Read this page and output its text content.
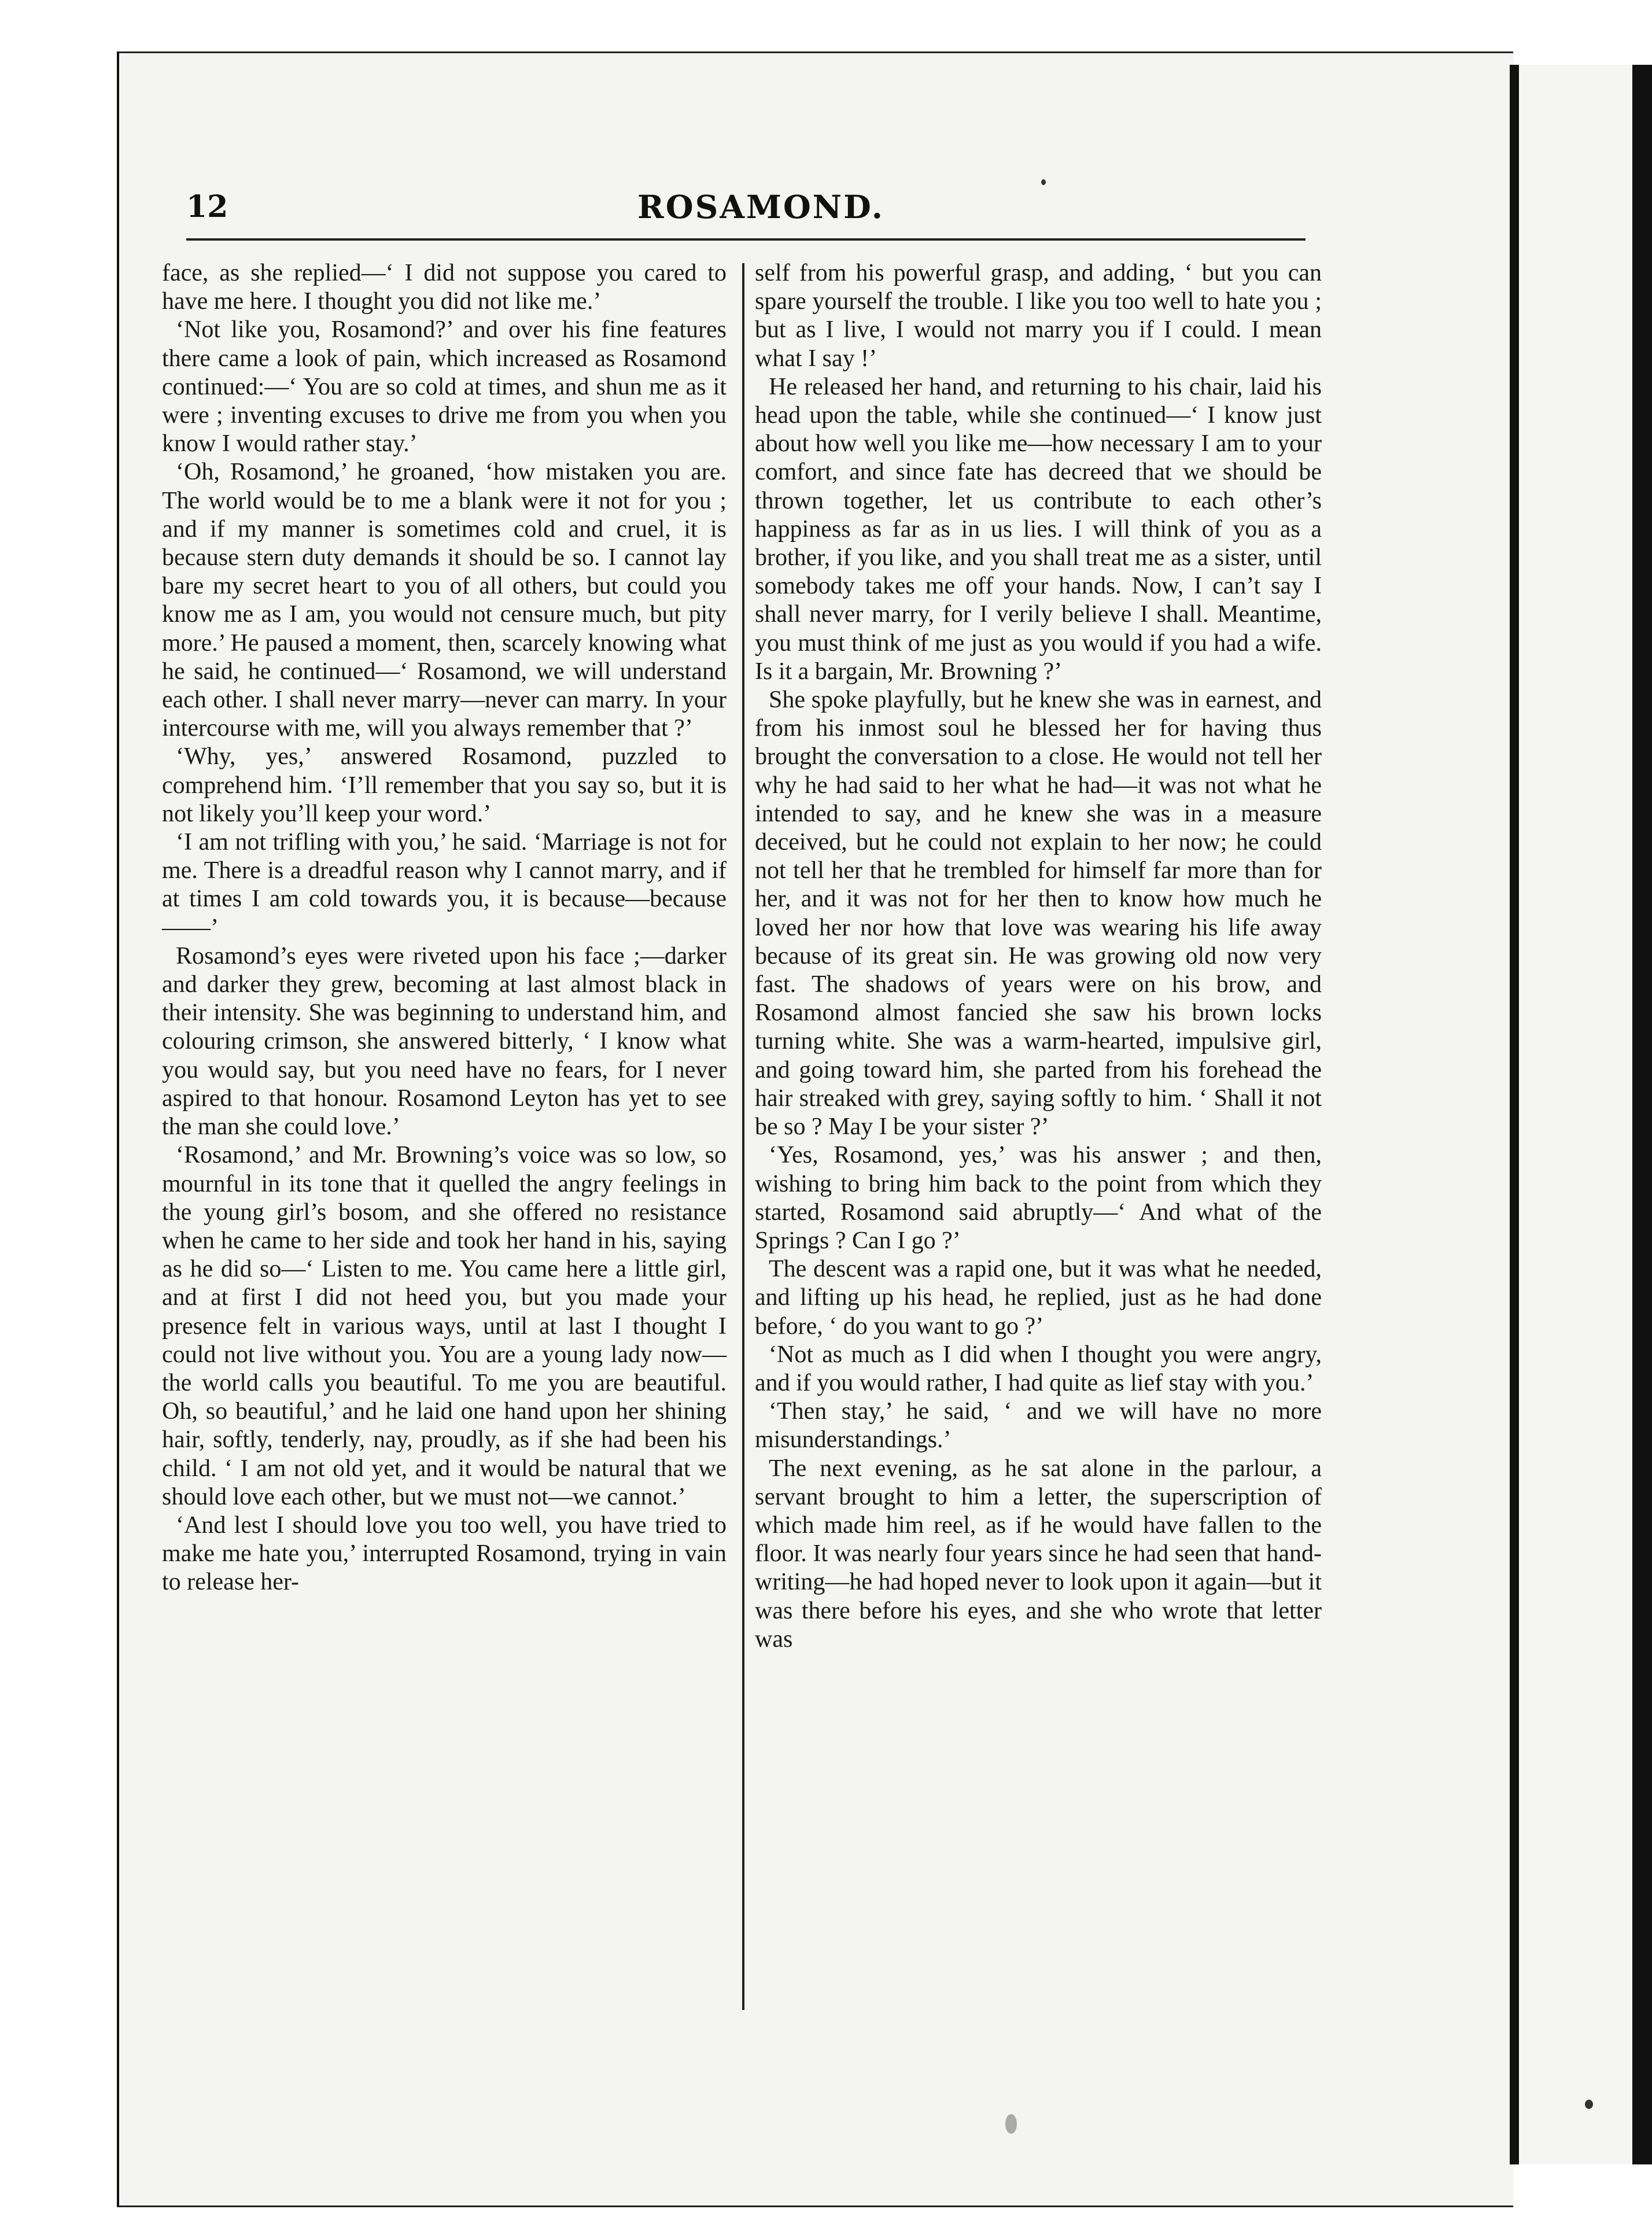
12	ROSAMOND.

face, as she replied—‘ I did not suppose you cared to have me here. I thought you did not like me.’

‘Not like you, Rosamond?’ and over his fine features there came a look of pain, which increased as Rosamond continued:—‘ You are so cold at times, and shun me as it were ; inventing excuses to drive me from you when you know I would rather stay.’

‘Oh, Rosamond,’ he groaned, ‘how mistaken you are. The world would be to me a blank were it not for you ; and if my manner is sometimes cold and cruel, it is because stern duty demands it should be so. I cannot lay bare my secret heart to you of all others, but could you know me as I am, you would not censure much, but pity more.’ He paused a moment, then, scarcely knowing what he said, he continued—‘ Rosamond, we will understand each other. I shall never marry—never can marry. In your intercourse with me, will you always remember that ?’

‘Why, yes,’ answered Rosamond, puzzled to comprehend him. ‘I’ll remember that you say so, but it is not likely you’ll keep your word.’

‘I am not trifling with you,’ he said. ‘Marriage is not for me. There is a dreadful reason why I cannot marry, and if at times I am cold towards you, it is because—because——’

Rosamond’s eyes were riveted upon his face ;—darker and darker they grew, becoming at last almost black in their intensity. She was beginning to understand him, and colouring crimson, she answered bitterly, ‘ I know what you would say, but you need have no fears, for I never aspired to that honour. Rosamond Leyton has yet to see the man she could love.’

‘Rosamond,’ and Mr. Browning’s voice was so low, so mournful in its tone that it quelled the angry feelings in the young girl’s bosom, and she offered no resistance when he came to her side and took her hand in his, saying as he did so—‘ Listen to me. You came here a little girl, and at first I did not heed you, but you made your presence felt in various ways, until at last I thought I could not live without you. You are a young lady now—the world calls you beautiful. To me you are beautiful. Oh, so beautiful,’ and he laid one hand upon her shining hair, softly, tenderly, nay, proudly, as if she had been his child. ‘ I am not old yet, and it would be natural that we should love each other, but we must not—we cannot.’

‘And lest I should love you too well, you have tried to make me hate you,’ interrupted Rosamond, trying in vain to release her-

self from his powerful grasp, and adding, ‘ but you can spare yourself the trouble. I like you too well to hate you ; but as I live, I would not marry you if I could. I mean what I say !’

He released her hand, and returning to his chair, laid his head upon the table, while she continued—‘ I know just about how well you like me—how necessary I am to your comfort, and since fate has decreed that we should be thrown together, let us contribute to each other’s happiness as far as in us lies. I will think of you as a brother, if you like, and you shall treat me as a sister, until somebody takes me off your hands. Now, I can’t say I shall never marry, for I verily believe I shall. Meantime, you must think of me just as you would if you had a wife. Is it a bargain, Mr. Browning ?’

She spoke playfully, but he knew she was in earnest, and from his inmost soul he blessed her for having thus brought the conversation to a close. He would not tell her why he had said to her what he had—it was not what he intended to say, and he knew she was in a measure deceived, but he could not explain to her now; he could not tell her that he trembled for himself far more than for her, and it was not for her then to know how much he loved her nor how that love was wearing his life away because of its great sin. He was growing old now very fast. The shadows of years were on his brow, and Rosamond almost fancied she saw his brown locks turning white. She was a warm-hearted, impulsive girl, and going toward him, she parted from his forehead the hair streaked with grey, saying softly to him. ‘ Shall it not be so ? May I be your sister ?’

‘Yes, Rosamond, yes,’ was his answer ; and then, wishing to bring him back to the point from which they started, Rosamond said abruptly—‘ And what of the Springs ? Can I go ?’

The descent was a rapid one, but it was what he needed, and lifting up his head, he replied, just as he had done before, ‘ do you want to go ?’

‘Not as much as I did when I thought you were angry, and if you would rather, I had quite as lief stay with you.’

‘Then stay,’ he said, ‘ and we will have no more misunderstandings.’

The next evening, as he sat alone in the parlour, a servant brought to him a letter, the superscription of which made him reel, as if he would have fallen to the floor. It was nearly four years since he had seen that hand-writing—he had hoped never to look upon it again—but it was there before his eyes, and she who wrote that letter was
